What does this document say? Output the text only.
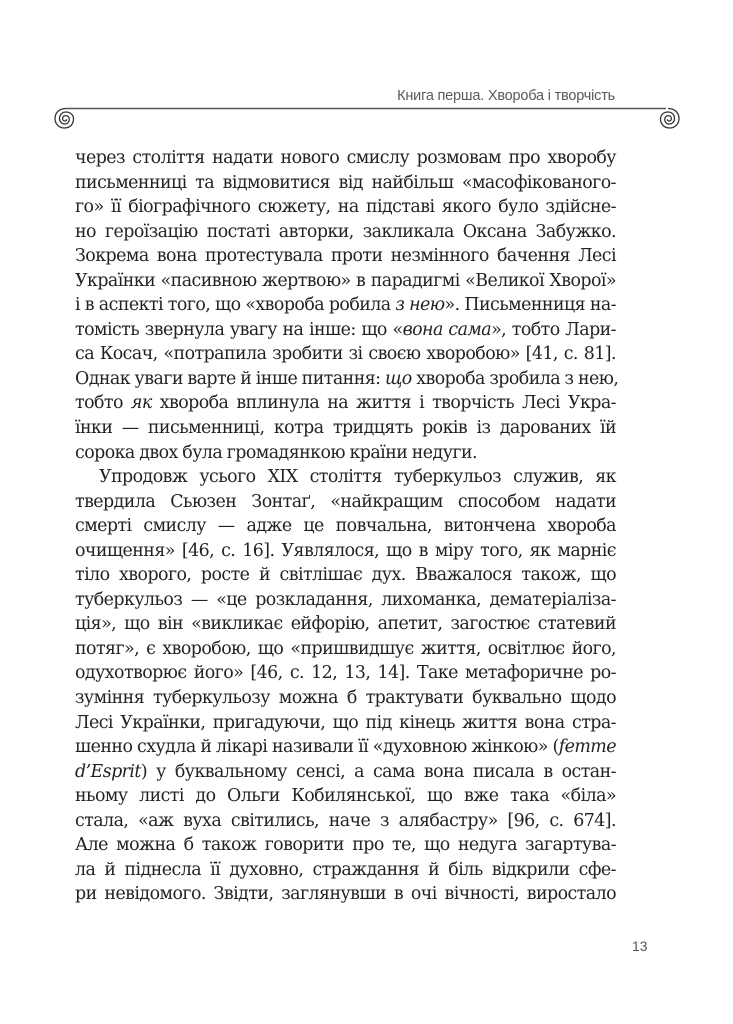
Книга перша. Хвороба і творчість

через століття надати нового смислу розмовам про хворобу
письменниці та відмовитися від найбільш «масофікованого-
го» її біографічного сюжету, на підставі якого було здійсне-
но героїзацію постаті авторки, закликала Оксана Забужко.
Зокрема вона протестувала проти незмінного бачення Лесі
Українки «пасивною жертвою» в парадигмі «Великої Хворої»
і в аспекті того, що «хвороба робила з нею». Письменниця на-
томість звернула увагу на інше: що «вона сама», тобто Лари-
са Косач, «потрапила зробити зі своєю хворобою» [41, с. 81].
Однак уваги варте й інше питання: що хвороба зробила з нею,
тобто як хвороба вплинула на життя і творчість Лесі Укра-
їнки — письменниці, котра тридцять років із дарованих їй
сорока двох була громадянкою країни недуги.

Упродовж усього XIX століття туберкульоз служив, як
твердила Сьюзен Зонтаґ, «найкращим способом надати
смерті смислу — адже це повчальна, витончена хвороба
очищення» [46, с. 16]. Уявлялося, що в міру того, як марніє
тіло хворого, росте й світлішає дух. Вважалося також, що
туберкульоз — «це розкладання, лихоманка, дематеріаліза-
ція», що він «викликає ейфорію, апетит, загостює статевий
потяг», є хворобою, що «пришвидшує життя, освітлює його,
одухотворює його» [46, с. 12, 13, 14]. Таке метафоричне ро-
зуміння туберкульозу можна б трактувати буквально щодо
Лесі Українки, пригадуючи, що під кінець життя вона стра-
шенно схудла й лікарі називали її «духовною жінкою» (femme
d’Esprit) у буквальному сенсі, а сама вона писала в остан-
ньому листі до Ольги Кобилянської, що вже така «біла»
стала, «аж вуха світились, наче з алябастру» [96, с. 674].
Але можна б також говорити про те, що недуга загартува-
ла й піднесла її духовно, страждання й біль відкрили сфе-
ри невідомого. Звідти, заглянувши в очі вічності, виростало

13
